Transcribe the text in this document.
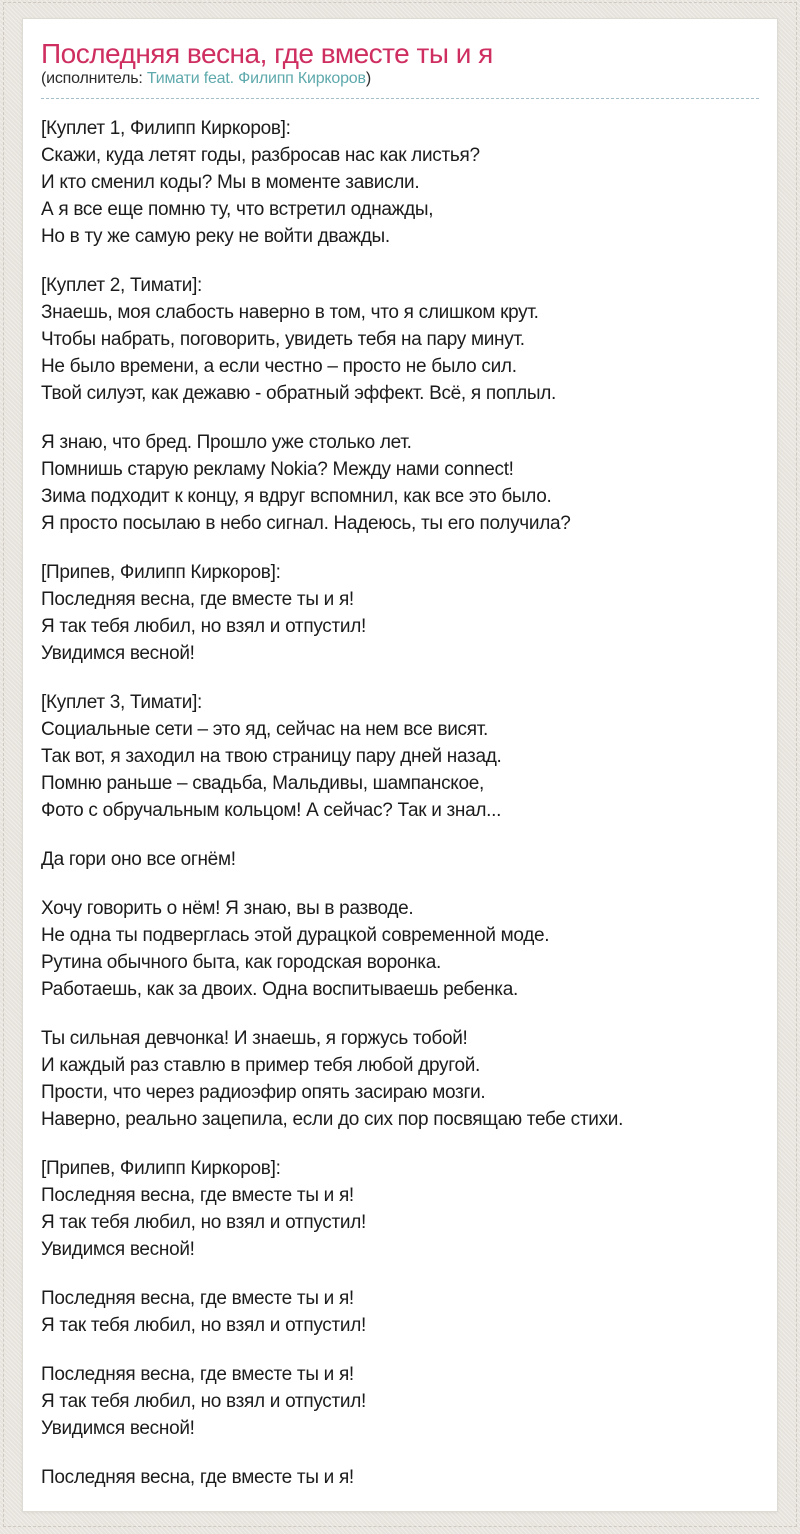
Последняя весна, где вместе ты и я
(исполнитель: Тимати feat. Филипп Киркоров)

[Куплет 1, Филипп Киркоров]:
Скажи, куда летят годы, разбросав нас как листья?
И кто сменил коды? Мы в моменте зависли.
А я все еще помню ту, что встретил однажды,
Но в ту же самую реку не войти дважды.

[Куплет 2, Тимати]:
Знаешь, моя слабость наверно в том, что я слишком крут.
Чтобы набрать, поговорить, увидеть тебя на пару минут.
Не было времени, а если честно – просто не было сил.
Твой силуэт, как дежавю - обратный эффект. Всё, я поплыл.

Я знаю, что бред. Прошло уже столько лет.
Помнишь старую рекламу Nokia? Между нами connect!
Зима подходит к концу, я вдруг вспомнил, как все это было.
Я просто посылаю в небо сигнал. Надеюсь, ты его получила?

[Припев, Филипп Киркоров]:
Последняя весна, где вместе ты и я!
Я так тебя любил, но взял и отпустил!
Увидимся весной!

[Куплет 3, Тимати]:
Социальные сети – это яд, сейчас на нем все висят.
Так вот, я заходил на твою страницу пару дней назад.
Помню раньше – свадьба, Мальдивы, шампанское,
Фото с обручальным кольцом! А сейчас? Так и знал...

Да гори оно все огнём!

Хочу говорить о нём! Я знаю, вы в разводе.
Не одна ты подверглась этой дурацкой современной моде.
Рутина обычного быта, как городская воронка.
Работаешь, как за двоих. Одна воспитываешь ребенка.

Ты сильная девчонка! И знаешь, я горжусь тобой!
И каждый раз ставлю в пример тебя любой другой.
Прости, что через радиоэфир опять засираю мозги.
Наверно, реально зацепила, если до сих пор посвящаю тебе стихи.

[Припев, Филипп Киркоров]:
Последняя весна, где вместе ты и я!
Я так тебя любил, но взял и отпустил!
Увидимся весной!

Последняя весна, где вместе ты и я!
Я так тебя любил, но взял и отпустил!

Последняя весна, где вместе ты и я!
Я так тебя любил, но взял и отпустил!
Увидимся весной!

Последняя весна, где вместе ты и я!
